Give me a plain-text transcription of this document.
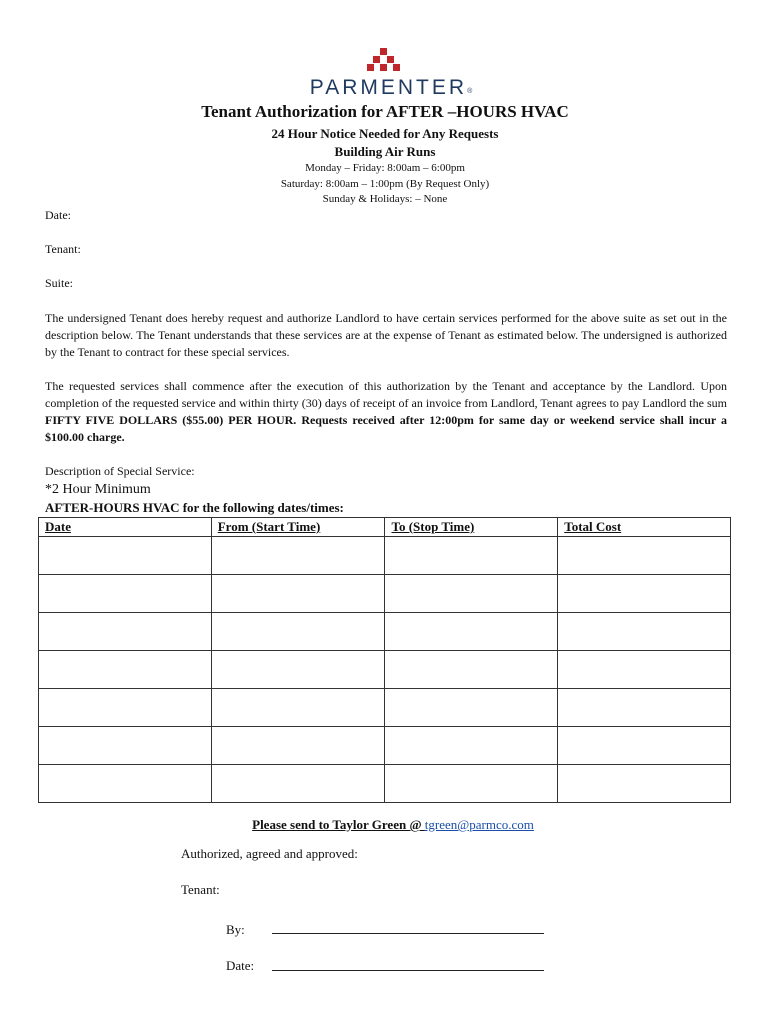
PARMENTER®
Tenant Authorization for AFTER –HOURS HVAC
24 Hour Notice Needed for Any Requests
Building Air Runs
Monday – Friday: 8:00am – 6:00pm
Saturday: 8:00am – 1:00pm (By Request Only)
Sunday & Holidays: – None
Date:
Tenant:
Suite:

The undersigned Tenant does hereby request and authorize Landlord to have certain services performed for the above suite as set out in the description below. The Tenant understands that these services are at the expense of Tenant as estimated below. The undersigned is authorized by the Tenant to contract for these special services.

The requested services shall commence after the execution of this authorization by the Tenant and acceptance by the Landlord. Upon completion of the requested service and within thirty (30) days of receipt of an invoice from Landlord, Tenant agrees to pay Landlord the sum FIFTY FIVE DOLLARS ($55.00) PER HOUR. Requests received after 12:00pm for same day or weekend service shall incur a $100.00 charge.

Description of Special Service:
*2 Hour Minimum
AFTER-HOURS HVAC for the following dates/times:
Date	From (Start Time)	To (Stop Time)	Total Cost

Please send to Taylor Green @ tgreen@parmco.com
Authorized, agreed and approved:
Tenant:
By:
Date:
